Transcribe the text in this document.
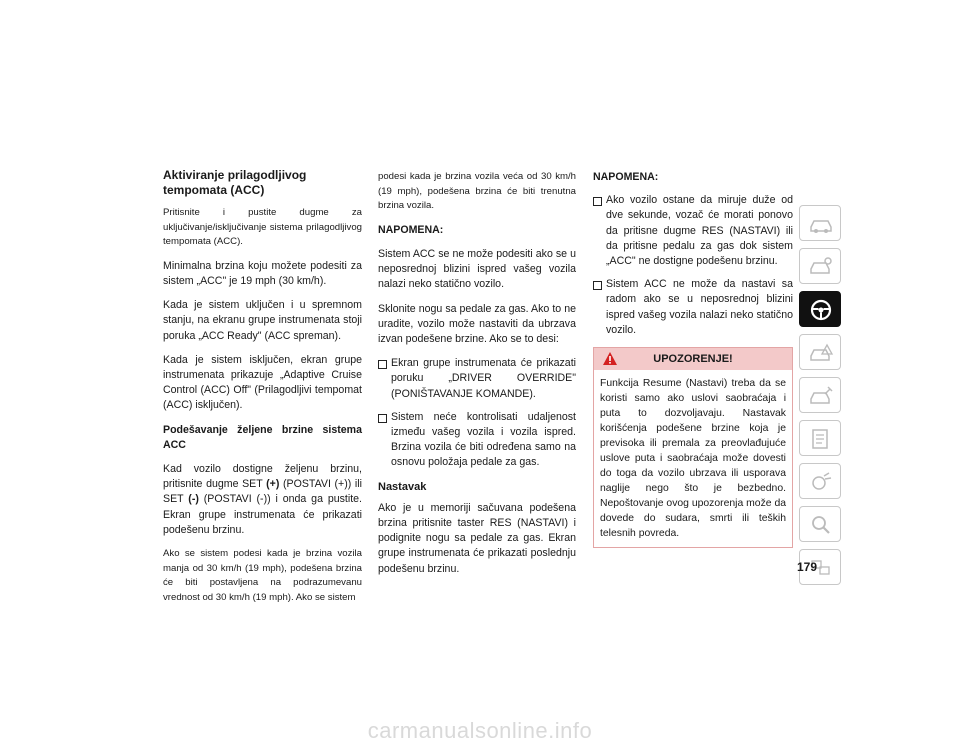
Aktiviranje prilagodljivog tempomata (ACC)

Pritisnite i pustite dugme za uključivanje/isključivanje sistema prilagodljivog tempomata (ACC).

Minimalna brzina koju možete podesiti za sistem „ACC" je 19 mph (30 km/h).

Kada je sistem uključen i u spremnom stanju, na ekranu grupe instrumenata stoji poruka „ACC Ready" (ACC spreman).

Kada je sistem isključen, ekran grupe instrumenata prikazuje „Adaptive Cruise Control (ACC) Off" (Prilagodljivi tempomat (ACC) isključen).

Podešavanje željene brzine sistema ACC

Kad vozilo dostigne željenu brzinu, pritisnite dugme SET (+) (POSTAVI (+)) ili SET (-) (POSTAVI (-)) i onda ga pustite. Ekran grupe instrumenata će prikazati podešenu brzinu.

Ako se sistem podesi kada je brzina vozila manja od 30 km/h (19 mph), podešena brzina će biti postavljena na podrazumevanu vrednost od 30 km/h (19 mph). Ako se sistem

podesi kada je brzina vozila veća od 30 km/h (19 mph), podešena brzina će biti trenutna brzina vozila.

NAPOMENA:

Sistem ACC se ne može podesiti ako se u neposrednoj blizini ispred vašeg vozila nalazi neko statično vozilo.

Sklonite nogu sa pedale za gas. Ako to ne uradite, vozilo može nastaviti da ubrzava izvan podešene brzine. Ako se to desi:

Ekran grupe instrumenata će prikazati poruku „DRIVER OVERRIDE" (PONIŠTAVANJE KOMANDE).
Sistem neće kontrolisati udaljenost između vašeg vozila i vozila ispred. Brzina vozila će biti određena samo na osnovu položaja pedale za gas.
Nastavak

Ako je u memoriji sačuvana podešena brzina pritisnite taster RES (NASTAVI) i podignite nogu sa pedale za gas. Ekran grupe instrumenata će prikazati poslednju podešenu brzinu.

NAPOMENA:

Ako vozilo ostane da miruje duže od dve sekunde, vozač će morati ponovo da pritisne dugme RES (NASTAVI) ili da pritisne pedalu za gas dok sistem „ACC" ne dostigne podešenu brzinu.
Sistem ACC ne može da nastavi sa radom ako se u neposrednoj blizini ispred vašeg vozila nalazi neko statično vozilo.
UPOZORENJE!
Funkcija Resume (Nastavi) treba da se koristi samo ako uslovi saobraćaja i puta to dozvoljavaju. Nastavak korišćenja podešene brzine koja je previsoka ili premala za preovlađujuće uslove puta i saobraćaja može dovesti do toga da vozilo ubrzava ili usporava naglije nego što je bezbedno. Nepoštovanje ovog upozorenja može da dovede do sudara, smrti ili teških telesnih povreda.
179
carmanualsonline.info
